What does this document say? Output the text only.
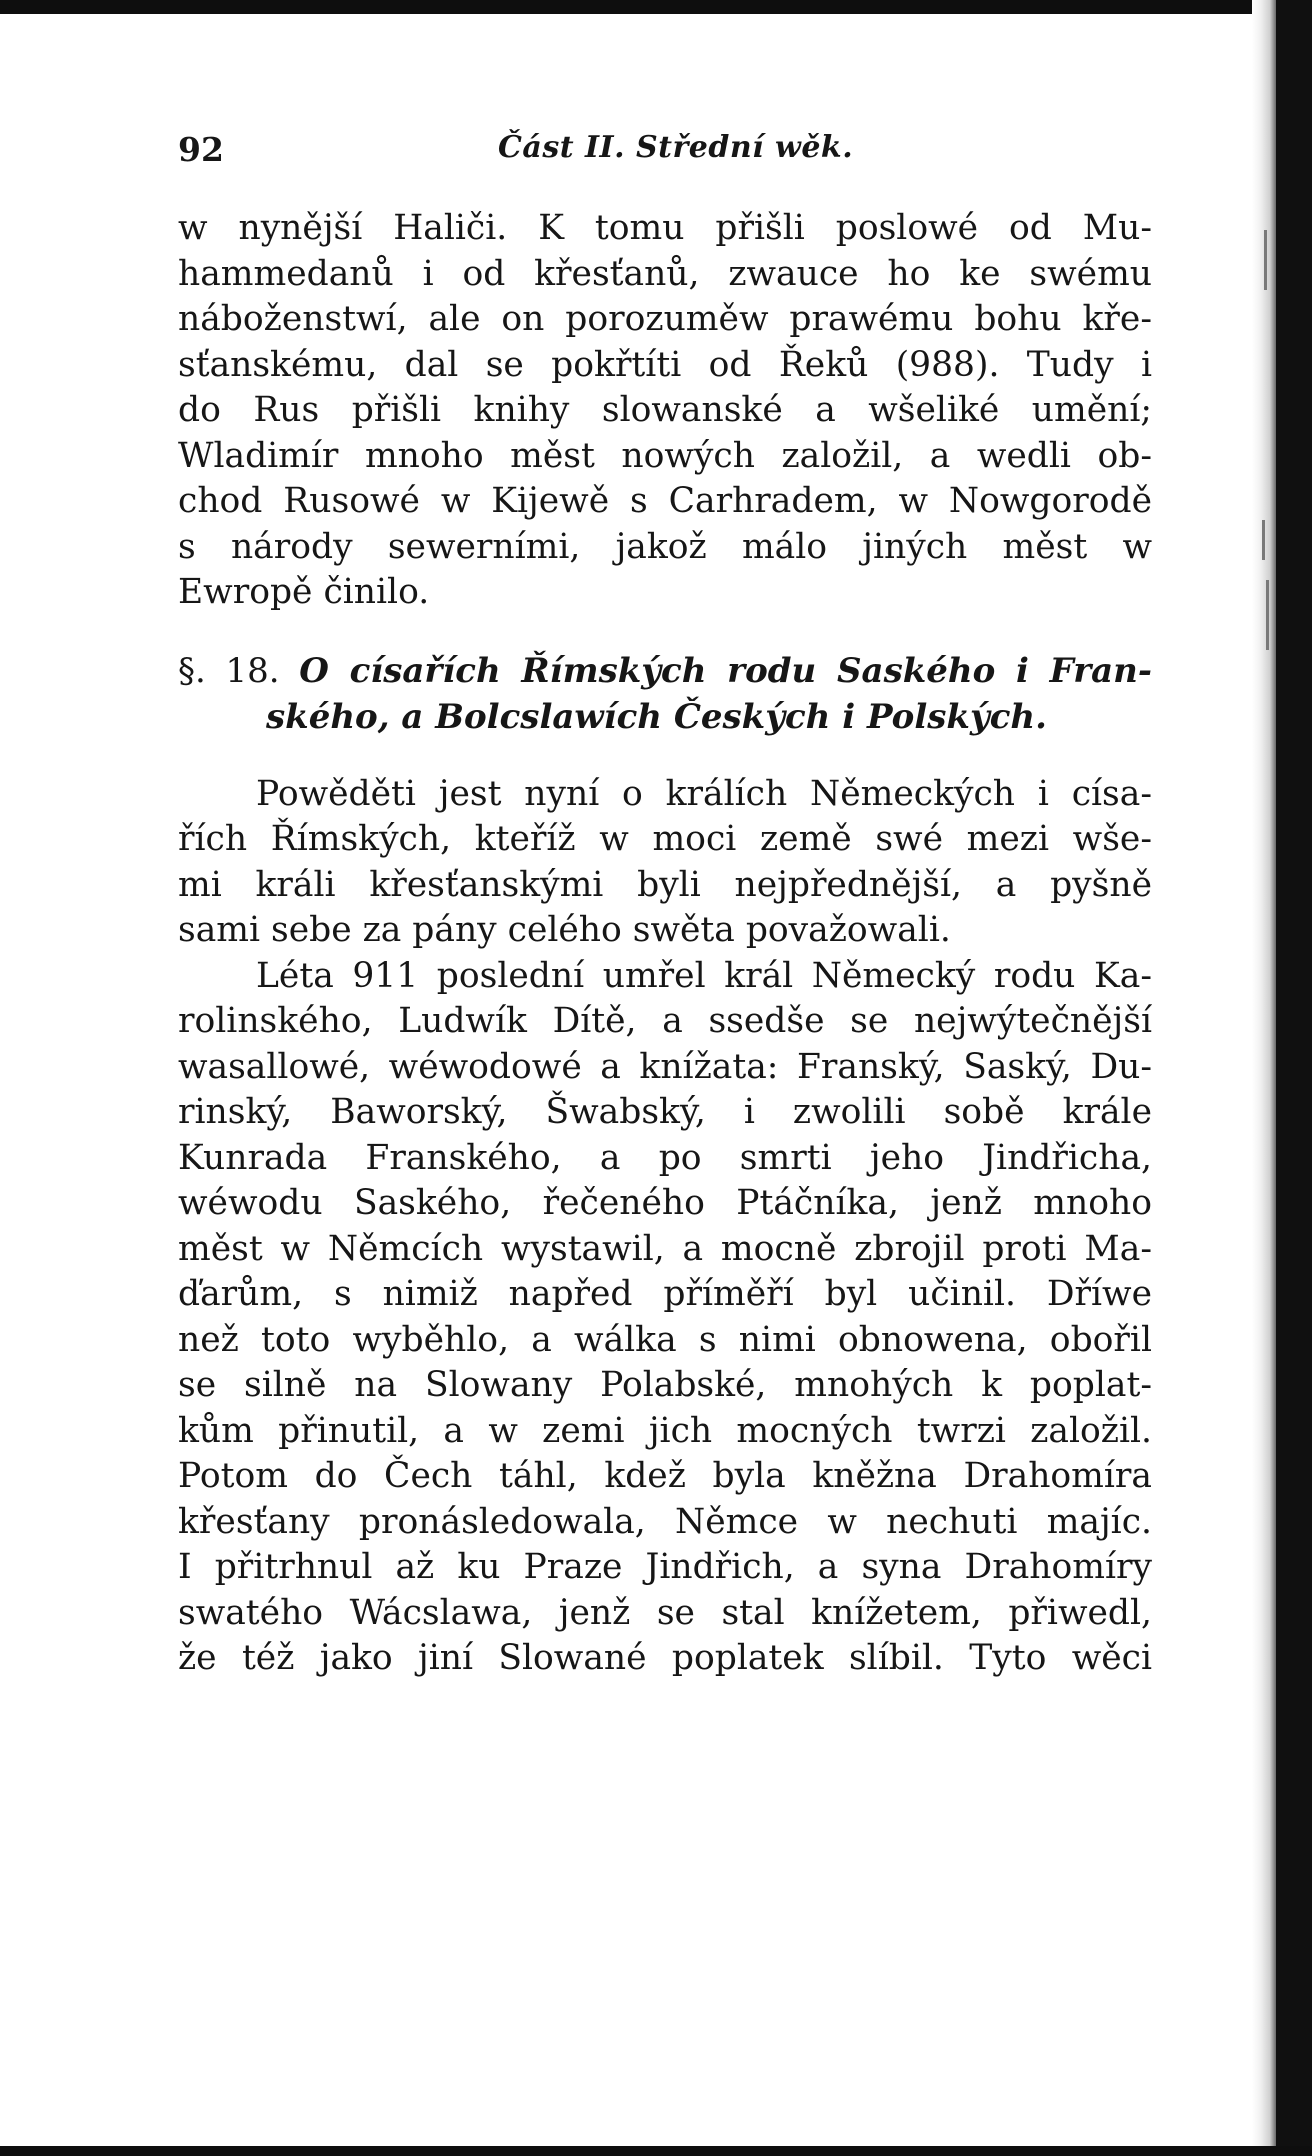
92	Část II. Střední wěk.
w nynější Haliči. K tomu přišli poslowé od Mu-
hammedanů i od křesťanů, zwauce ho ke swému
náboženstwí, ale on porozuměw prawému bohu kře-
sťanskému, dal se pokřtíti od Řeků (988). Tudy i
do Rus přišli knihy slowanské a wšeliké umění;
Wladimír mnoho měst nowých založil, a wedli ob-
chod Rusowé w Kijewě s Carhradem, w Nowgorodě
s národy sewerními, jakož málo jiných měst w
Ewropě činilo.
§. 18. O císařích Římských rodu Saského i Fran-
ského, a Bolcslawích Českých i Polských.
Powěděti jest nyní o králích Německých i císa-
řích Římských, kteříž w moci země swé mezi wše-
mi králi křesťanskými byli nejpřednější, a pyšně
sami sebe za pány celého swěta považowali.
Léta 911 poslední umřel král Německý rodu Ka-
rolinského, Ludwík Dítě, a ssedše se nejwýtečnější
wasallowé, wéwodowé a knížata: Franský, Saský, Du-
rinský, Baworský, Šwabský, i zwolili sobě krále
Kunrada Franského, a po smrti jeho Jindřicha,
wéwodu Saského, řečeného Ptáčníka, jenž mnoho
měst w Němcích wystawil, a mocně zbrojil proti Ma-
ďarům, s nimiž napřed příměří byl učinil. Dříwe
než toto wyběhlo, a wálka s nimi obnowena, obořil
se silně na Slowany Polabské, mnohých k poplat-
kům přinutil, a w zemi jich mocných twrzi založil.
Potom do Čech táhl, kdež byla kněžna Drahomíra
křesťany pronásledowala, Němce w nechuti majíc.
I přitrhnul až ku Praze Jindřich, a syna Drahomíry
swatého Wácslawa, jenž se stal knížetem, přiwedl,
že též jako jiní Slowané poplatek slíbil. Tyto wěci
